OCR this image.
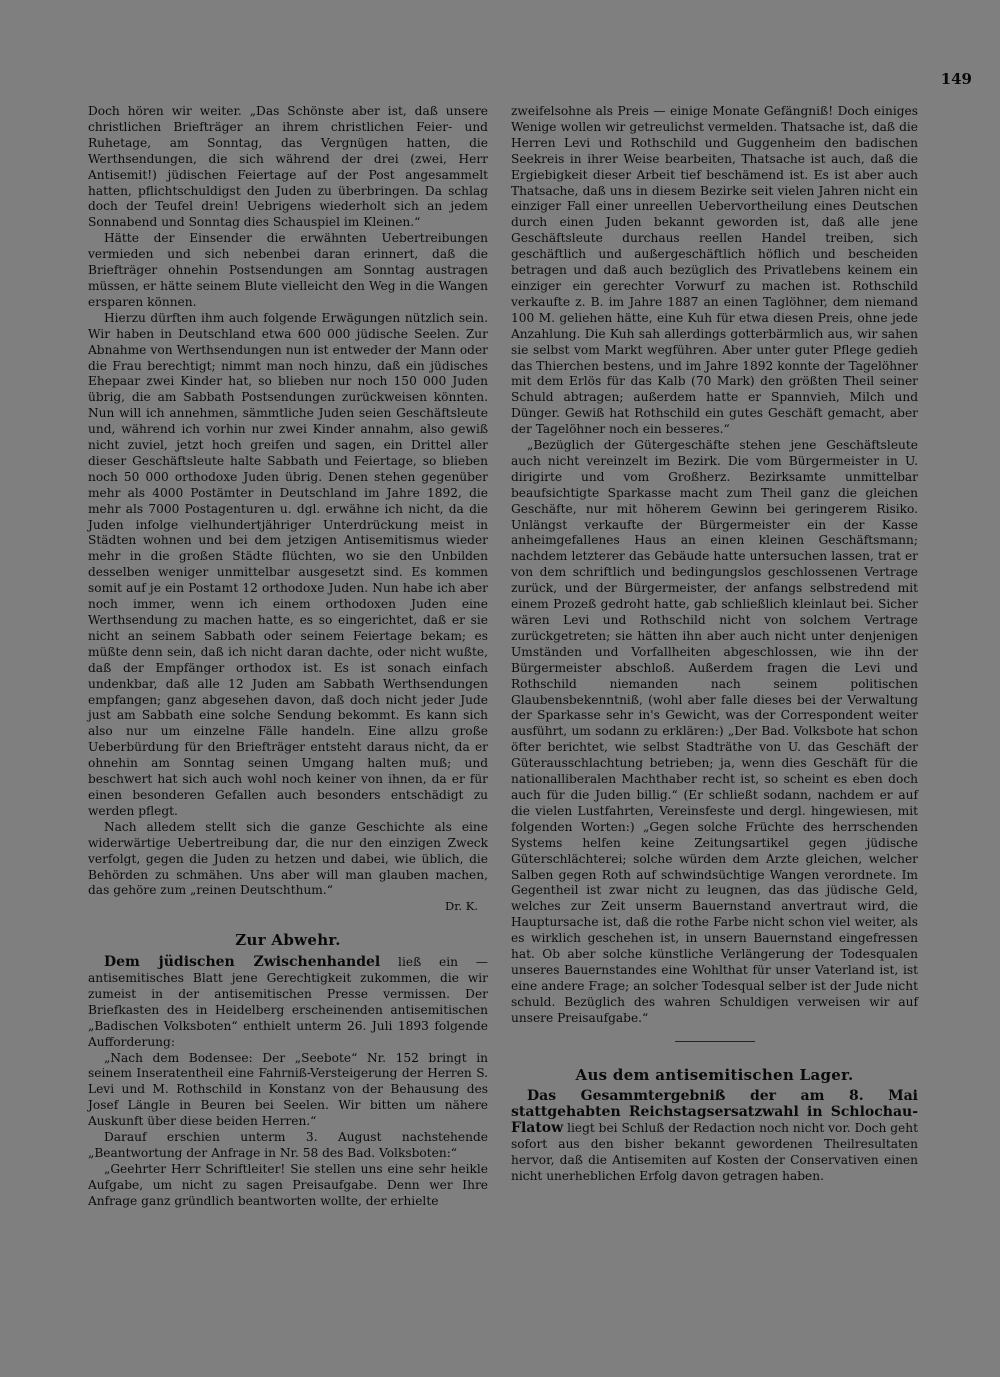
149

Doch hören wir weiter. „Das Schönste aber ist, daß unsere christlichen Briefträger an ihrem christlichen Feier- und Ruhetage, am Sonntag, das Vergnügen hatten, die Werthsendungen, die sich während der drei (zwei, Herr Antisemit!) jüdischen Feiertage auf der Post angesammelt hatten, pflichtschuldigst den Juden zu überbringen. Da schlag doch der Teufel drein! Uebrigens wiederholt sich an jedem Sonnabend und Sonntag dies Schauspiel im Kleinen.“

Hätte der Einsender die erwähnten Uebertreibungen vermieden und sich nebenbei daran erinnert, daß die Briefträger ohnehin Postsendungen am Sonntag austragen müssen, er hätte seinem Blute vielleicht den Weg in die Wangen ersparen können.

Hierzu dürften ihm auch folgende Erwägungen nützlich sein. Wir haben in Deutschland etwa 600 000 jüdische Seelen. Zur Abnahme von Werthsendungen nun ist entweder der Mann oder die Frau berechtigt; nimmt man noch hinzu, daß ein jüdisches Ehepaar zwei Kinder hat, so blieben nur noch 150 000 Juden übrig, die am Sabbath Postsendungen zurückweisen könnten. Nun will ich annehmen, sämmtliche Juden seien Geschäftsleute und, während ich vorhin nur zwei Kinder annahm, also gewiß nicht zuviel, jetzt hoch greifen und sagen, ein Drittel aller dieser Geschäftsleute halte Sabbath und Feiertage, so blieben noch 50 000 orthodoxe Juden übrig. Denen stehen gegenüber mehr als 4000 Postämter in Deutschland im Jahre 1892, die mehr als 7000 Postagenturen u. dgl. erwähne ich nicht, da die Juden infolge vielhundertjähriger Unterdrückung meist in Städten wohnen und bei dem jetzigen Antisemitismus wieder mehr in die großen Städte flüchten, wo sie den Unbilden desselben weniger unmittelbar ausgesetzt sind. Es kommen somit auf je ein Postamt 12 orthodoxe Juden. Nun habe ich aber noch immer, wenn ich einem orthodoxen Juden eine Werthsendung zu machen hatte, es so eingerichtet, daß er sie nicht an seinem Sabbath oder seinem Feiertage bekam; es müßte denn sein, daß ich nicht daran dachte, oder nicht wußte, daß der Empfänger orthodox ist. Es ist sonach einfach undenkbar, daß alle 12 Juden am Sabbath Werthsendungen empfangen; ganz abgesehen davon, daß doch nicht jeder Jude just am Sabbath eine solche Sendung bekommt. Es kann sich also nur um einzelne Fälle handeln. Eine allzu große Ueberbürdung für den Briefträger entsteht daraus nicht, da er ohnehin am Sonntag seinen Umgang halten muß; und beschwert hat sich auch wohl noch keiner von ihnen, da er für einen besonderen Gefallen auch besonders entschädigt zu werden pflegt.

Nach alledem stellt sich die ganze Geschichte als eine widerwärtige Uebertreibung dar, die nur den einzigen Zweck verfolgt, gegen die Juden zu hetzen und dabei, wie üblich, die Behörden zu schmähen. Uns aber will man glauben machen, das gehöre zum „reinen Deutschthum.“

Dr. K.
Zur Abwehr.

Dem jüdischen Zwischenhandel ließ ein — antisemitisches Blatt jene Gerechtigkeit zukommen, die wir zumeist in der antisemitischen Presse vermissen. Der Briefkasten des in Heidelberg erscheinenden antisemitischen „Badischen Volksboten“ enthielt unterm 26. Juli 1893 folgende Aufforderung:

„Nach dem Bodensee: Der „Seebote“ Nr. 152 bringt in seinem Inseratentheil eine Fahrniß-Versteigerung der Herren S. Levi und M. Rothschild in Konstanz von der Behausung des Josef Längle in Beuren bei Seelen. Wir bitten um nähere Auskunft über diese beiden Herren.“

Darauf erschien unterm 3. August nachstehende „Beantwortung der Anfrage in Nr. 58 des Bad. Volksboten:“

„Geehrter Herr Schriftleiter! Sie stellen uns eine sehr heikle Aufgabe, um nicht zu sagen Preisaufgabe. Denn wer Ihre Anfrage ganz gründlich beantworten wollte, der erhielte

zweifelsohne als Preis — einige Monate Gefängniß! Doch einiges Wenige wollen wir getreulichst vermelden. Thatsache ist, daß die Herren Levi und Rothschild und Guggenheim den badischen Seekreis in ihrer Weise bearbeiten, Thatsache ist auch, daß die Ergiebigkeit dieser Arbeit tief beschämend ist. Es ist aber auch Thatsache, daß uns in diesem Bezirke seit vielen Jahren nicht ein einziger Fall einer unreellen Uebervortheilung eines Deutschen durch einen Juden bekannt geworden ist, daß alle jene Geschäftsleute durchaus reellen Handel treiben, sich geschäftlich und außergeschäftlich höflich und bescheiden betragen und daß auch bezüglich des Privatlebens keinem ein einziger ein gerechter Vorwurf zu machen ist. Rothschild verkaufte z. B. im Jahre 1887 an einen Taglöhner, dem niemand 100 M. geliehen hätte, eine Kuh für etwa diesen Preis, ohne jede Anzahlung. Die Kuh sah allerdings gotterbärmlich aus, wir sahen sie selbst vom Markt wegführen. Aber unter guter Pflege gedieh das Thierchen bestens, und im Jahre 1892 konnte der Tagelöhner mit dem Erlös für das Kalb (70 Mark) den größten Theil seiner Schuld abtragen; außerdem hatte er Spannvieh, Milch und Dünger. Gewiß hat Rothschild ein gutes Geschäft gemacht, aber der Tagelöhner noch ein besseres.“

„Bezüglich der Gütergeschäfte stehen jene Geschäftsleute auch nicht vereinzelt im Bezirk. Die vom Bürgermeister in U. dirigirte und vom Großherz. Bezirksamte unmittelbar beaufsichtigte Sparkasse macht zum Theil ganz die gleichen Geschäfte, nur mit höherem Gewinn bei geringerem Risiko. Unlängst verkaufte der Bürgermeister ein der Kasse anheimgefallenes Haus an einen kleinen Geschäftsmann; nachdem letzterer das Gebäude hatte untersuchen lassen, trat er von dem schriftlich und bedingungslos geschlossenen Vertrage zurück, und der Bürgermeister, der anfangs selbstredend mit einem Prozeß gedroht hatte, gab schließlich kleinlaut bei. Sicher wären Levi und Rothschild nicht von solchem Vertrage zurückgetreten; sie hätten ihn aber auch nicht unter denjenigen Umständen und Vorfallheiten abgeschlossen, wie ihn der Bürgermeister abschloß. Außerdem fragen die Levi und Rothschild niemanden nach seinem politischen Glaubensbekenntniß, (wohl aber falle dieses bei der Verwaltung der Sparkasse sehr in's Gewicht, was der Correspondent weiter ausführt, um sodann zu erklären:) „Der Bad. Volksbote hat schon öfter berichtet, wie selbst Stadträthe von U. das Geschäft der Güterausschlachtung betrieben; ja, wenn dies Geschäft für die nationalliberalen Machthaber recht ist, so scheint es eben doch auch für die Juden billig.“ (Er schließt sodann, nachdem er auf die vielen Lustfahrten, Vereinsfeste und dergl. hingewiesen, mit folgenden Worten:) „Gegen solche Früchte des herrschenden Systems helfen keine Zeitungsartikel gegen jüdische Güterschlächterei; solche würden dem Arzte gleichen, welcher Salben gegen Roth auf schwindsüchtige Wangen verordnete. Im Gegentheil ist zwar nicht zu leugnen, das das jüdische Geld, welches zur Zeit unserm Bauernstand anvertraut wird, die Hauptursache ist, daß die rothe Farbe nicht schon viel weiter, als es wirklich geschehen ist, in unsern Bauernstand eingefressen hat. Ob aber solche künstliche Verlängerung der Todesqualen unseres Bauernstandes eine Wohlthat für unser Vaterland ist, ist eine andere Frage; an solcher Todesqual selber ist der Jude nicht schuld. Bezüglich des wahren Schuldigen verweisen wir auf unsere Preisaufgabe.“

Aus dem antisemitischen Lager.

Das Gesammtergebniß der am 8. Mai stattgehabten Reichstagsersatzwahl in Schlochau-Flatow liegt bei Schluß der Redaction noch nicht vor. Doch geht sofort aus den bisher bekannt gewordenen Theilresultaten hervor, daß die Antisemiten auf Kosten der Conservativen einen nicht unerheblichen Erfolg davon getragen haben.
